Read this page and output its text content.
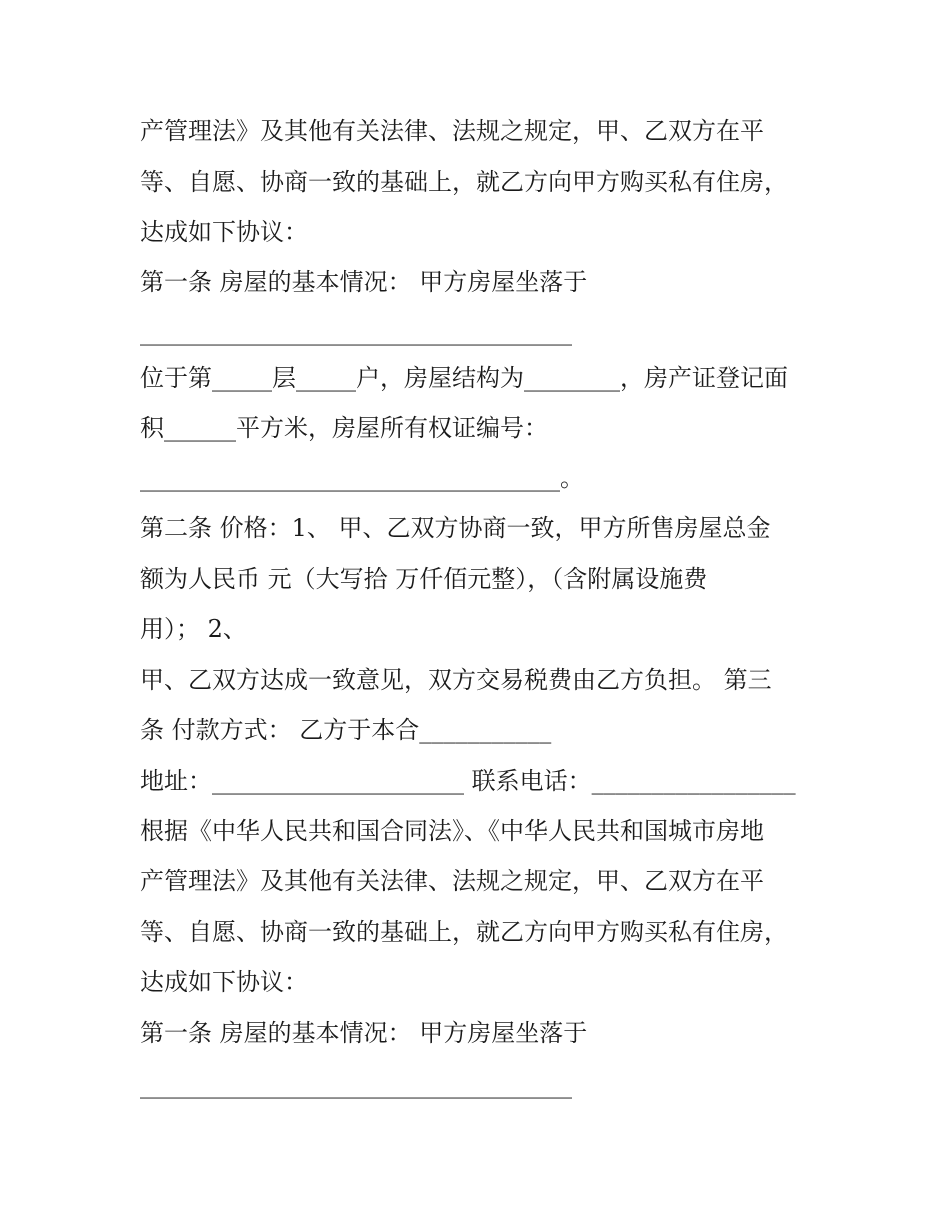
产管理法》及其他有关法律、法规之规定，甲、乙双方在平
等、自愿、协商一致的基础上，就乙方向甲方购买私有住房，
达成如下协议：
第一条 房屋的基本情况： 甲方房屋坐落于
____________________________________
位于第_____层_____户，房屋结构为________，房产证登记面
积______平方米，房屋所有权证编号：
___________________________________。
第二条 价格：1、 甲、乙双方协商一致，甲方所售房屋总金
额为人民币 元（大写拾 万仟佰元整），（含附属设施费
用）； 2、
甲、乙双方达成一致意见，双方交易税费由乙方负担。 第三
条 付款方式： 乙方于本合___________
地址：_____________________ 联系电话：_________________
根据《中华人民共和国合同法》、《中华人民共和国城市房地
产管理法》及其他有关法律、法规之规定，甲、乙双方在平
等、自愿、协商一致的基础上，就乙方向甲方购买私有住房，
达成如下协议：
第一条 房屋的基本情况： 甲方房屋坐落于
____________________________________
